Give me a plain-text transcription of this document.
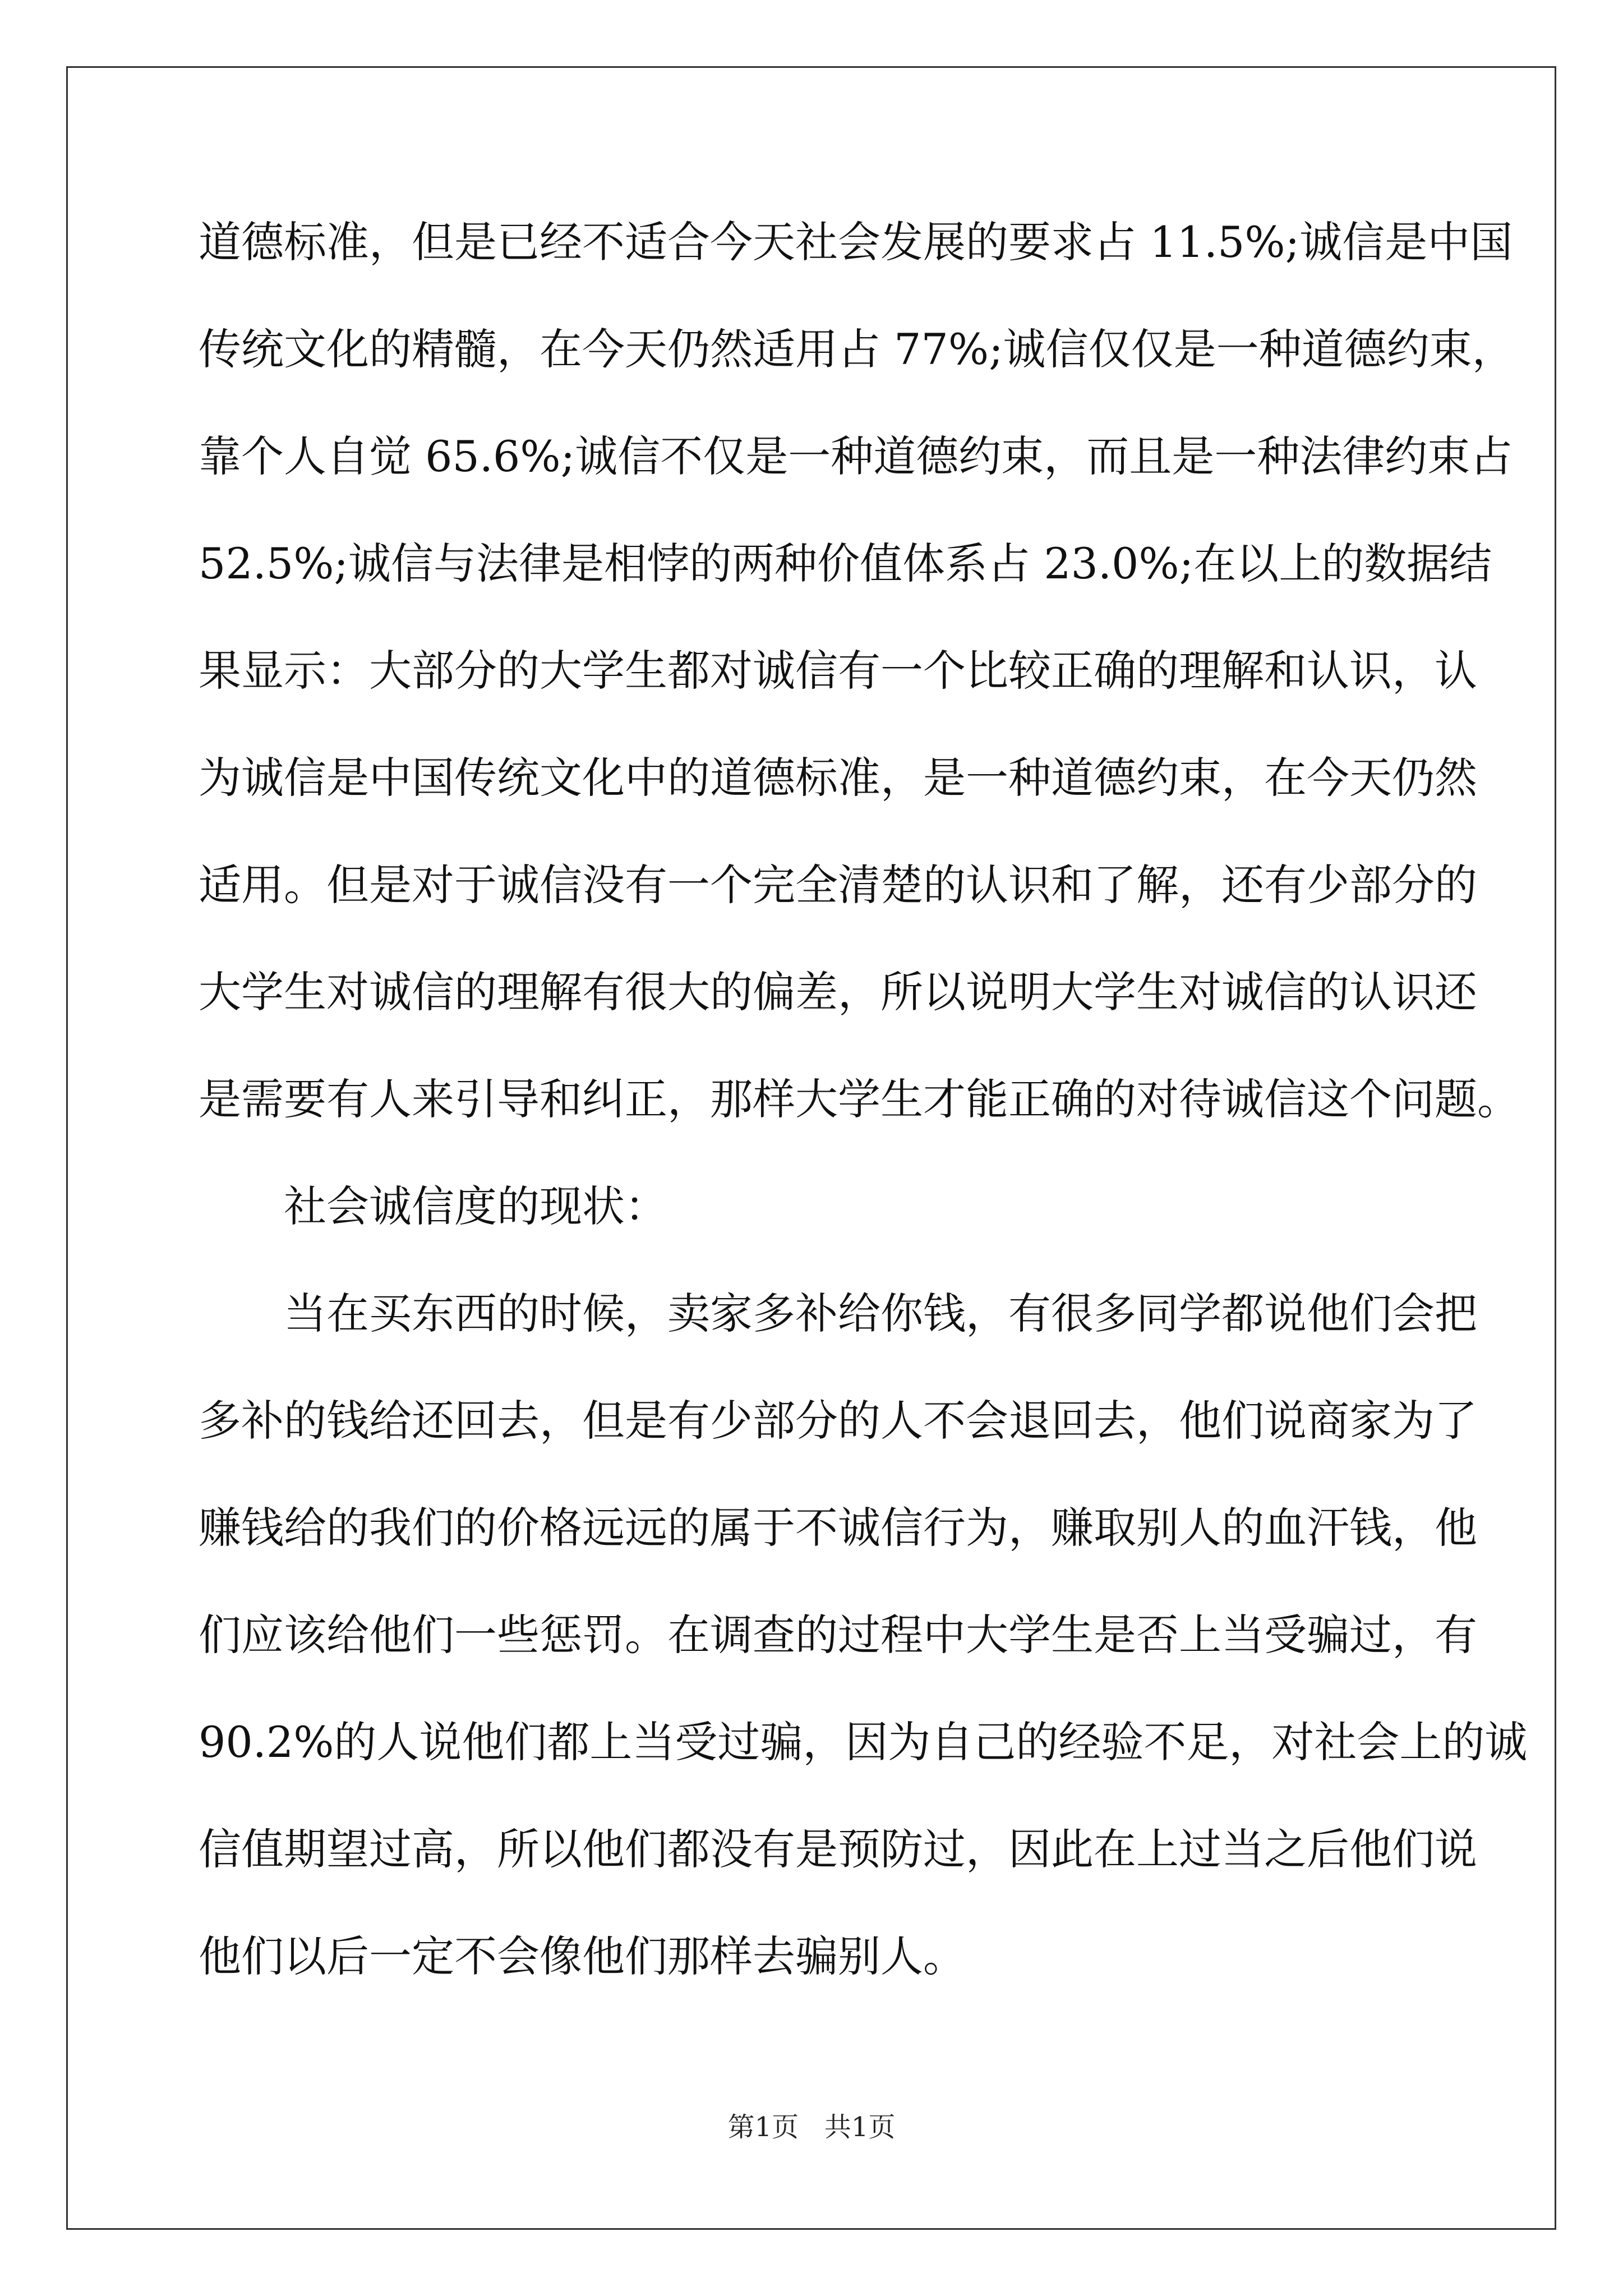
道德标准，但是已经不适合今天社会发展的要求占 11.5%;诚信是中国
传统文化的精髓，在今天仍然适用占 77%;诚信仅仅是一种道德约束，
靠个人自觉 65.6%;诚信不仅是一种道德约束，而且是一种法律约束占
52.5%;诚信与法律是相悖的两种价值体系占 23.0%;在以上的数据结
果显示：大部分的大学生都对诚信有一个比较正确的理解和认识，认
为诚信是中国传统文化中的道德标准，是一种道德约束，在今天仍然
适用。但是对于诚信没有一个完全清楚的认识和了解，还有少部分的
大学生对诚信的理解有很大的偏差，所以说明大学生对诚信的认识还
是需要有人来引导和纠正，那样大学生才能正确的对待诚信这个问题。
社会诚信度的现状：
当在买东西的时候，卖家多补给你钱，有很多同学都说他们会把
多补的钱给还回去，但是有少部分的人不会退回去，他们说商家为了
赚钱给的我们的价格远远的属于不诚信行为，赚取别人的血汗钱，他
们应该给他们一些惩罚。在调查的过程中大学生是否上当受骗过，有
90.2%的人说他们都上当受过骗，因为自己的经验不足，对社会上的诚
信值期望过高，所以他们都没有是预防过，因此在上过当之后他们说
他们以后一定不会像他们那样去骗别人。
第1页   共1页
